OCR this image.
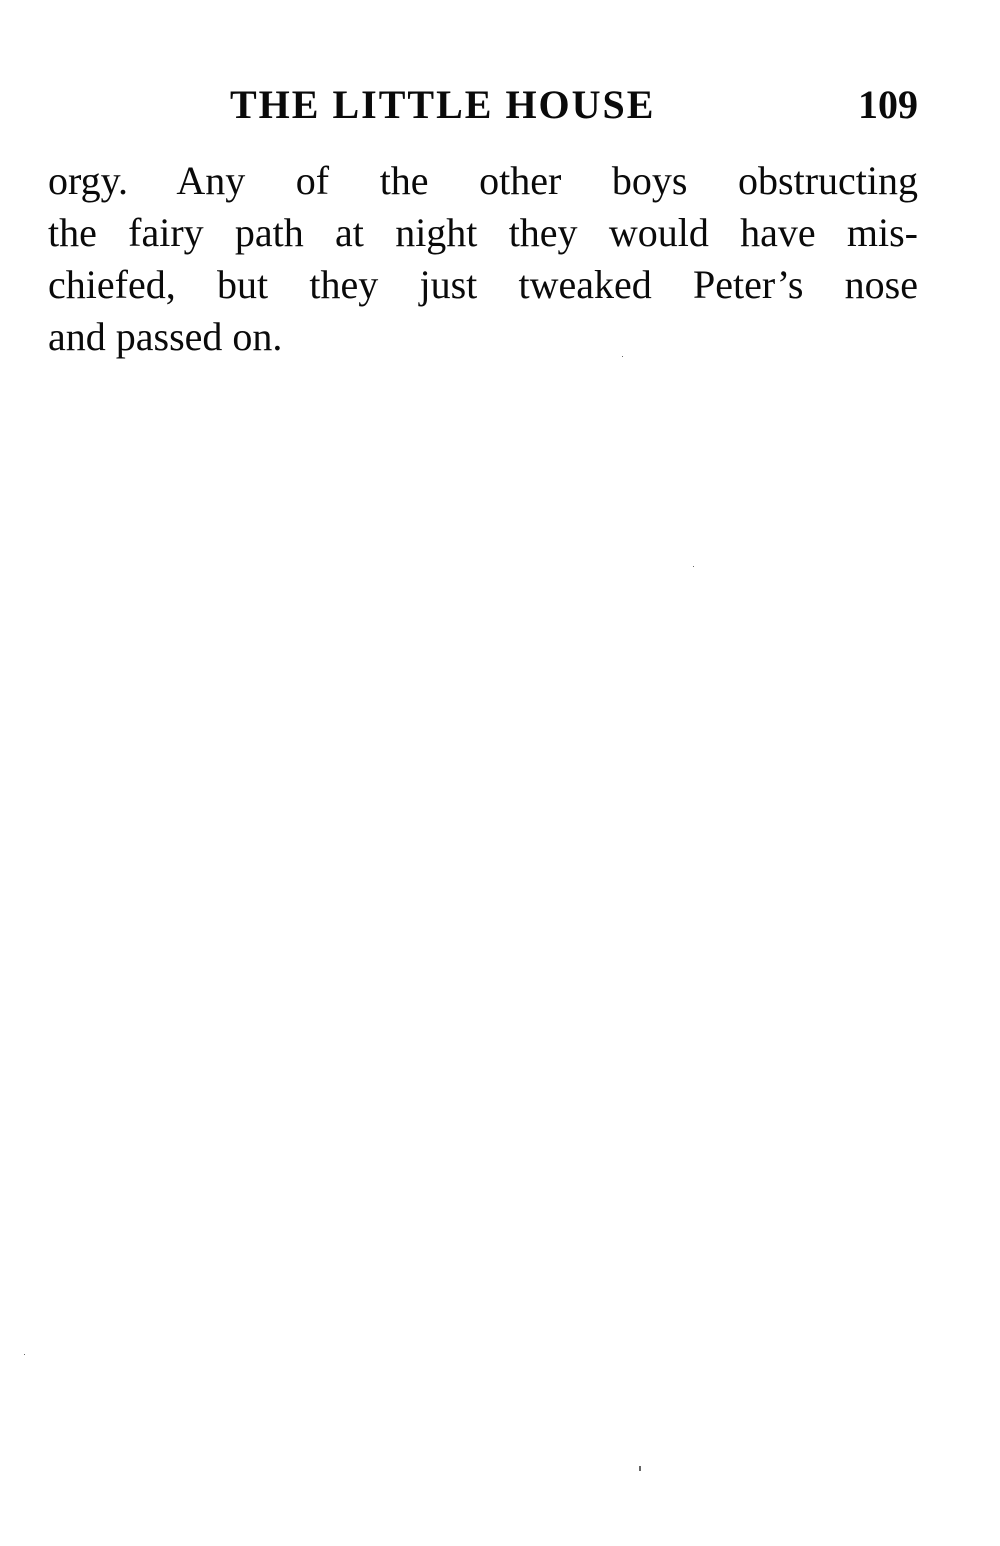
THE LITTLE HOUSE	109
orgy. Any of the other boys obstructing
the fairy path at night they would have mis-
chiefed, but they just tweaked Peter’s nose
and passed on.
